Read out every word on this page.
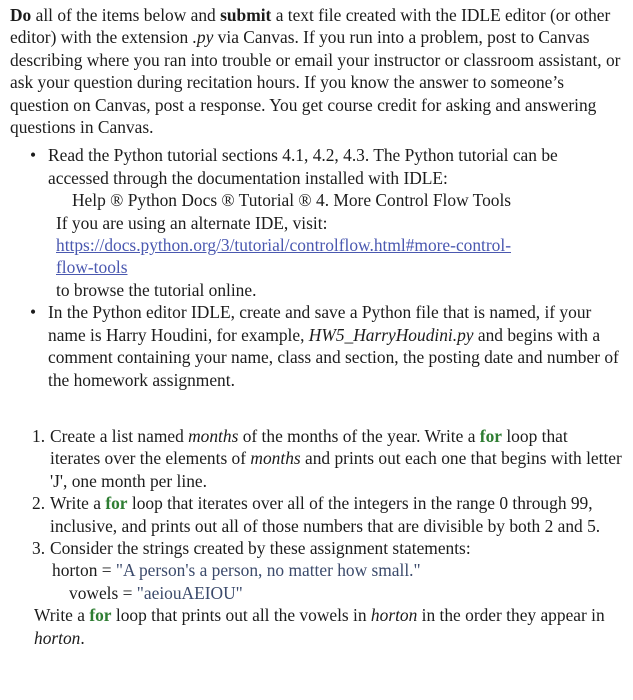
Do all of the items below and submit a text file created with the IDLE editor (or other editor) with the extension .py via Canvas. If you run into a problem, post to Canvas describing where you ran into trouble or email your instructor or classroom assistant, or ask your question during recitation hours. If you know the answer to someone’s question on Canvas, post a response. You get course credit for asking and answering questions in Canvas.

• Read the Python tutorial sections 4.1, 4.2, 4.3. The Python tutorial can be accessed through the documentation installed with IDLE:

Help ® Python Docs ® Tutorial ® 4. More Control Flow Tools

If you are using an alternate IDE, visit:

https://docs.python.org/3/tutorial/controlflow.html#more-control-

flow-tools

to browse the tutorial online.

• In the Python editor IDLE, create and save a Python file that is named, if your name is Harry Houdini, for example, HW5_HarryHoudini.py and begins with a comment containing your name, class and section, the posting date and number of the homework assignment.

1. Create a list named months of the months of the year. Write a for loop that iterates over the elements of months and prints out each one that begins with letter 'J', one month per line.

2. Write a for loop that iterates over all of the integers in the range 0 through 99, inclusive, and prints out all of those numbers that are divisible by both 2 and 5.

3. Consider the strings created by these assignment statements:

horton = "A person's a person, no matter how small."

vowels = "aeiouAEIOU"

Write a for loop that prints out all the vowels in horton in the order they appear in horton.
